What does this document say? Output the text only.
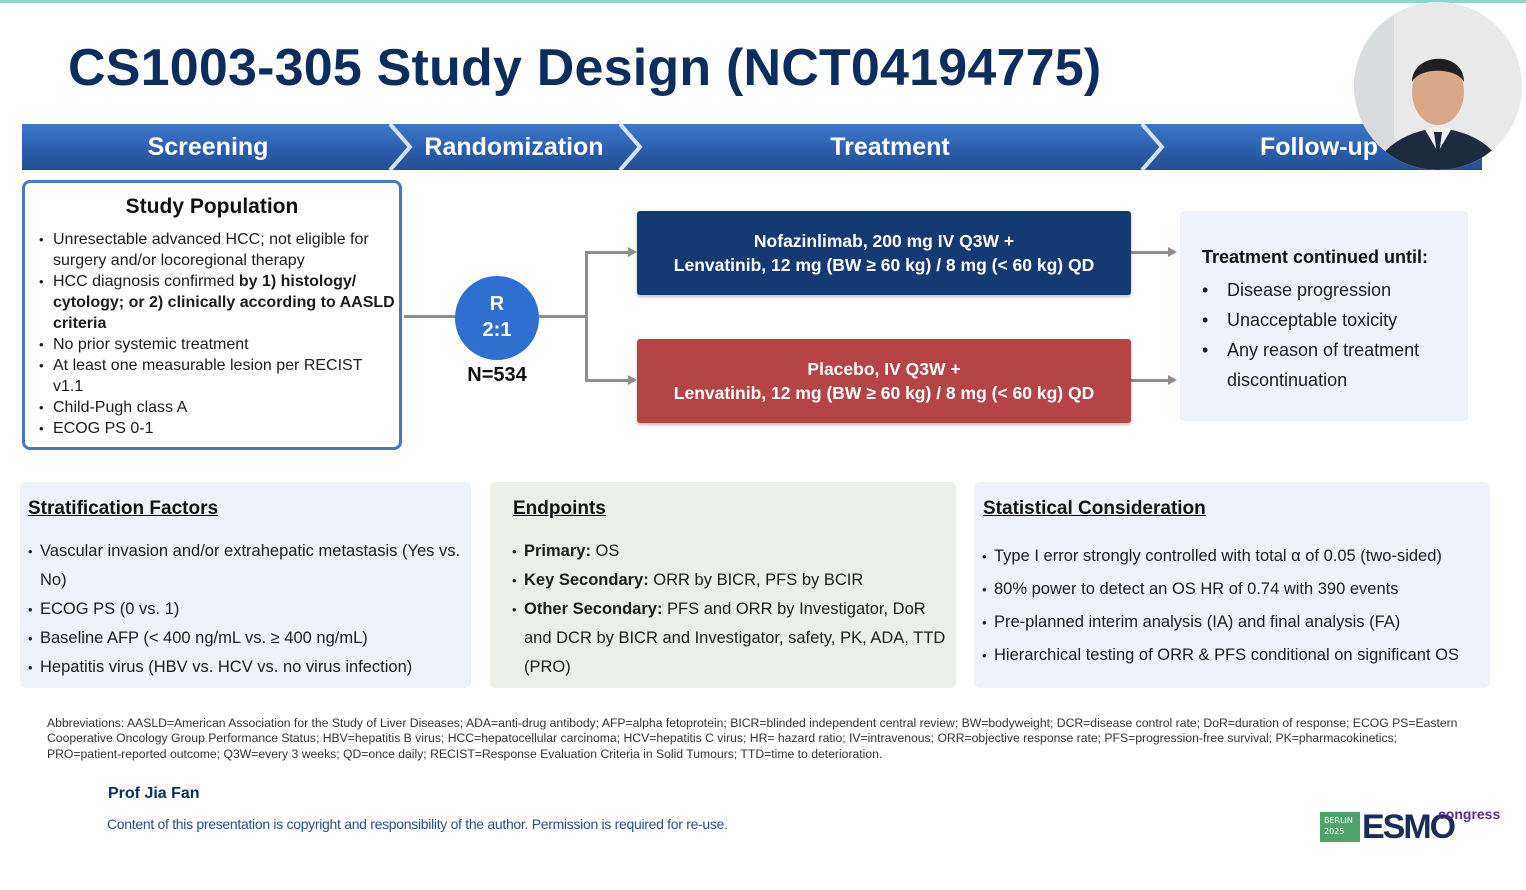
CS1003-305 Study Design (NCT04194775)
Screening	Randomization	Treatment	Follow-up
Study Population
• Unresectable advanced HCC; not eligible for surgery and/or locoregional therapy
• HCC diagnosis confirmed by 1) histology/ cytology; or 2) clinically according to AASLD criteria
• No prior systemic treatment
• At least one measurable lesion per RECIST v1.1
• Child-Pugh class A
• ECOG PS 0-1
R
2:1
N=534
Nofazinlimab, 200 mg IV Q3W +
Lenvatinib, 12 mg (BW ≥ 60 kg) / 8 mg (< 60 kg) QD
Placebo, IV Q3W +
Lenvatinib, 12 mg (BW ≥ 60 kg) / 8 mg (< 60 kg) QD
Treatment continued until:
• Disease progression
• Unacceptable toxicity
• Any reason of treatment discontinuation
Stratification Factors
• Vascular invasion and/or extrahepatic metastasis (Yes vs. No)
• ECOG PS (0 vs. 1)
• Baseline AFP (< 400 ng/mL vs. ≥ 400 ng/mL)
• Hepatitis virus (HBV vs. HCV vs. no virus infection)
Endpoints
• Primary: OS
• Key Secondary: ORR by BICR, PFS by BCIR
• Other Secondary: PFS and ORR by Investigator, DoR and DCR by BICR and Investigator, safety, PK, ADA, TTD (PRO)
Statistical Consideration
• Type I error strongly controlled with total α of 0.05 (two-sided)
• 80% power to detect an OS HR of 0.74 with 390 events
• Pre-planned interim analysis (IA) and final analysis (FA)
• Hierarchical testing of ORR & PFS conditional on significant OS
Abbreviations: AASLD=American Association for the Study of Liver Diseases; ADA=anti-drug antibody; AFP=alpha fetoprotein; BICR=blinded independent central review; BW=bodyweight; DCR=disease control rate; DoR=duration of response; ECOG PS=Eastern Cooperative Oncology Group Performance Status; HBV=hepatitis B virus; HCC=hepatocellular carcinoma; HCV=hepatitis C virus; HR= hazard ratio; IV=intravenous; ORR=objective response rate; PFS=progression-free survival; PK=pharmacokinetics; PRO=patient-reported outcome; Q3W=every 3 weeks; QD=once daily; RECIST=Response Evaluation Criteria in Solid Tumours; TTD=time to deterioration.
Prof Jia Fan
Content of this presentation is copyright and responsibility of the author. Permission is required for re-use.	BERLIN
2025 ESMO
congress
